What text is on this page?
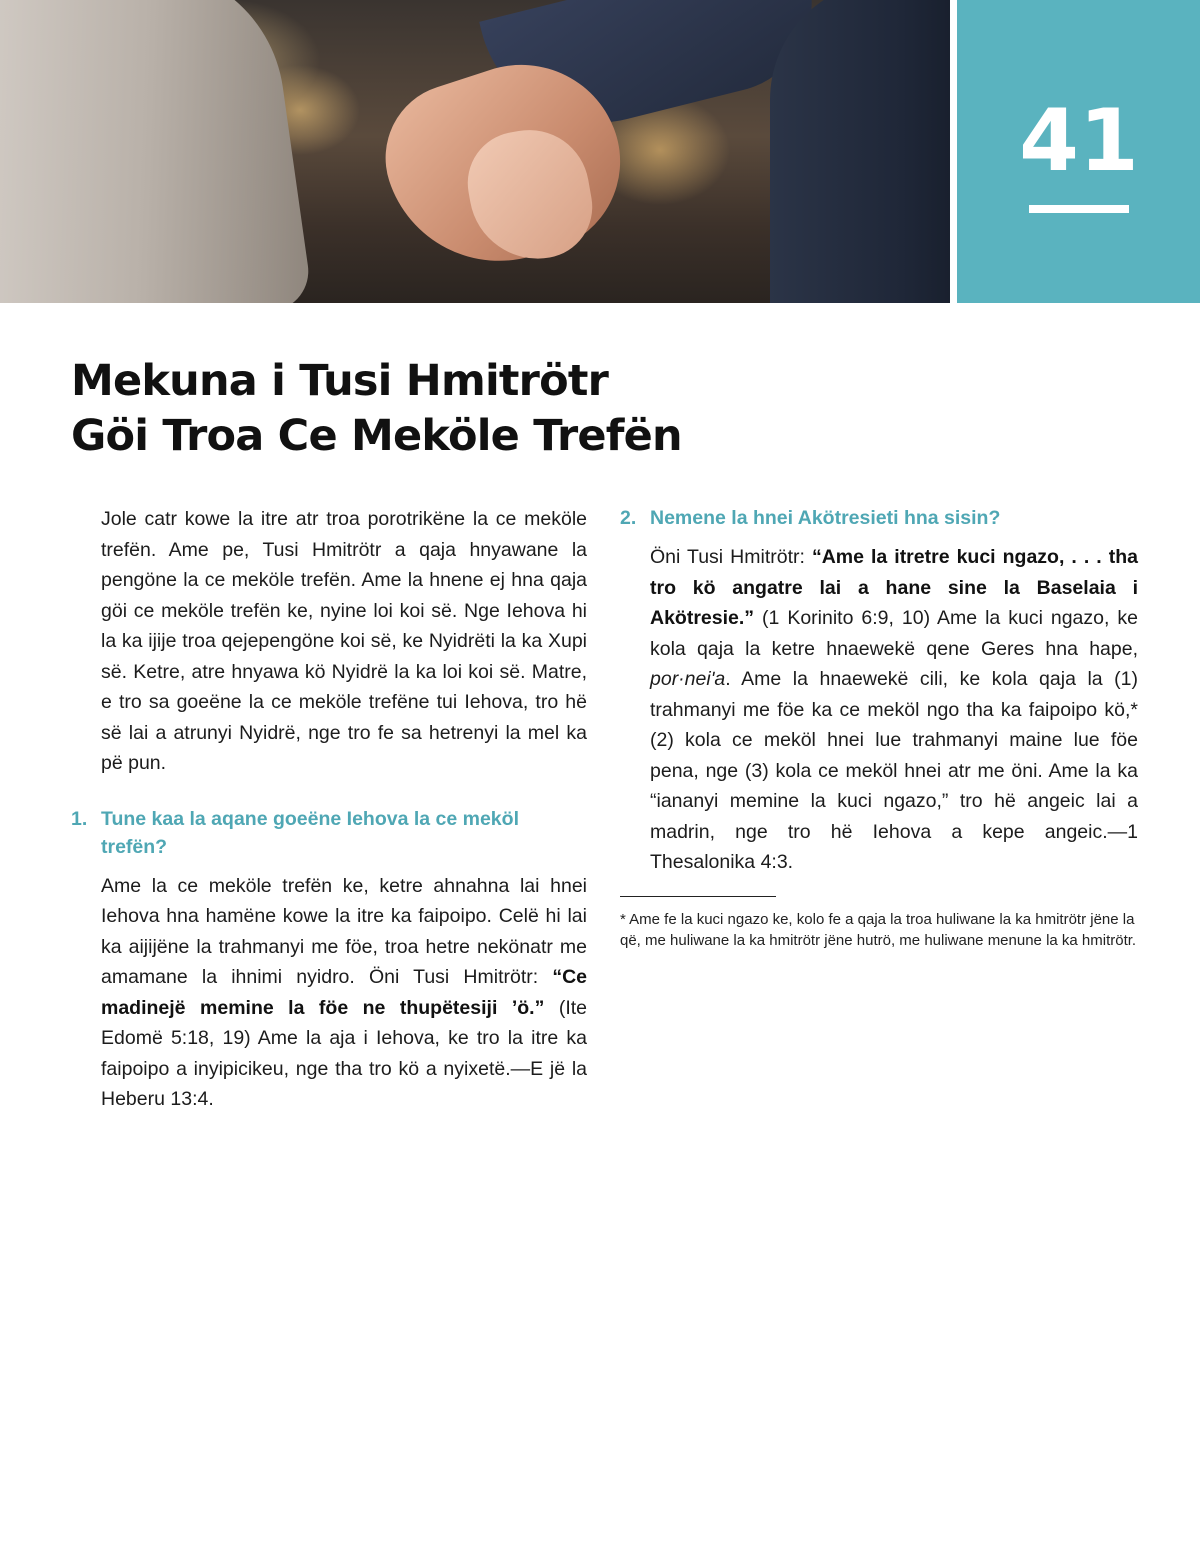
41
Mekuna i Tusi Hmitrötr
Göi Troa Ce Meköle Trefën

Jole catr kowe la itre atr troa porotrikëne la ce meköle trefën. Ame pe, Tusi Hmitrötr a qaja hnyawane la pengöne la ce meköle trefën. Ame la hnene ej hna qaja göi ce meköle trefën ke, nyine loi koi së. Nge Iehova hi la ka ijije troa qejepengöne koi së, ke Nyidrëti la ka Xupi së. Ketre, atre hnyawa kö Nyidrë la ka loi koi së. Matre, e tro sa goeëne la ce meköle trefëne tui Iehova, tro hë së lai a atrunyi Nyidrë, nge tro fe sa hetrenyi la mel ka pë pun.

1. Tune kaa la aqane goeëne Iehova la ce meköl trefën?

Ame la ce meköle trefën ke, ketre ahnahna lai hnei Iehova hna hamëne kowe la itre ka faipoipo. Celë hi lai ka aijijëne la trahmanyi me föe, troa hetre nekönatr me amamane la ihnimi nyidro. Öni Tusi Hmitrötr: “Ce madinejë memine la föe ne thupëtesiji ’ö.” (Ite Edomë 5:18, 19) Ame la aja i Iehova, ke tro la itre ka faipoipo a inyipicikeu, nge tha tro kö a nyixetë.—E jë la Heberu 13:4.

2. Nemene la hnei Akötresieti hna sisin?

Öni Tusi Hmitrötr: “Ame la itretre kuci ngazo, . . . tha tro kö angatre lai a hane sine la Baselaia i Akötresie.” (1 Korinito 6:9, 10) Ame la kuci ngazo, ke kola qaja la ketre hnaewekë qene Geres hna hape, por·neiʹa. Ame la hnaewekë cili, ke kola qaja la (1) trahmanyi me föe ka ce meköl ngo tha ka faipoipo kö,* (2) kola ce meköl hnei lue trahmanyi maine lue föe pena, nge (3) kola ce meköl hnei atr me öni. Ame la ka “iananyi memine la kuci ngazo,” tro hë angeic lai a madrin, nge tro hë Iehova a kepe angeic.—1 Thesalonika 4:3.

* Ame fe la kuci ngazo ke, kolo fe a qaja la troa huliwane la ka hmitrötr jëne la që, me huliwane la ka hmitrötr jëne hutrö, me huliwane menune la ka hmitrötr.
